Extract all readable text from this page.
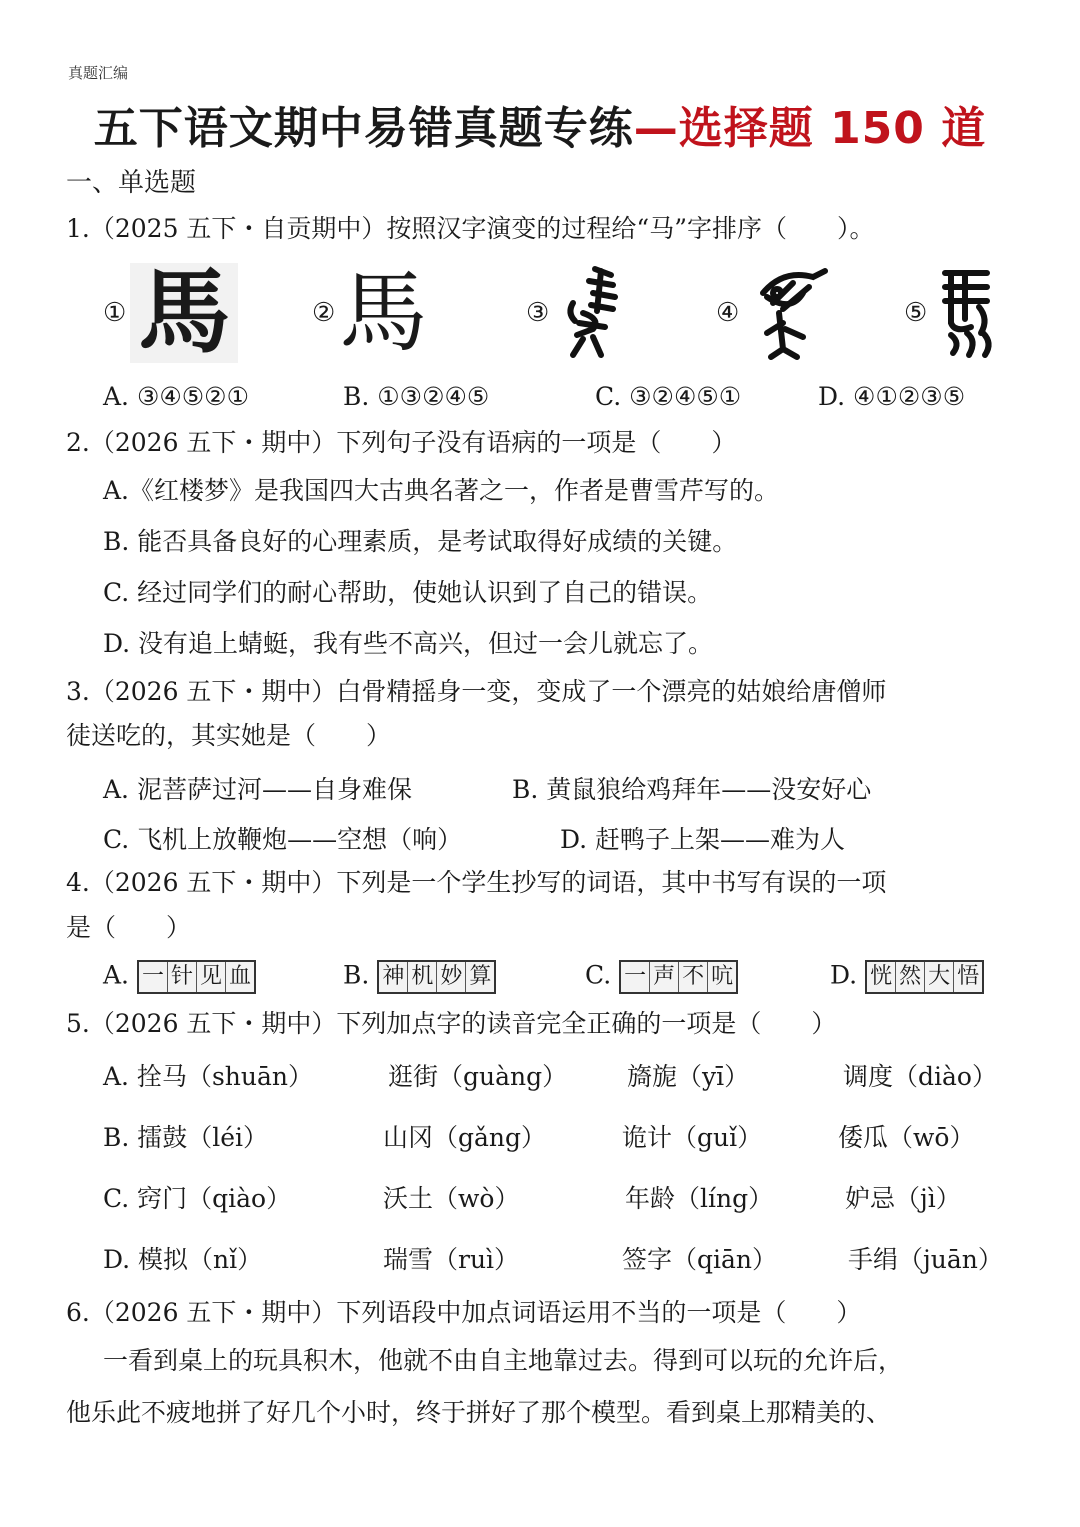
真题汇编
五下语文期中易错真题专练—选择题 150 道
一、单选题
1.（2025 五下・自贡期中）按照汉字演变的过程给“马”字排序（　　）。
① 馬	② 馬	③	④	⑤
A. ③④⑤②①	B. ①③②④⑤	C. ③②④⑤①	D. ④①②③⑤
2.（2026 五下・期中）下列句子没有语病的一项是（　　）
A.《红楼梦》是我国四大古典名著之一，作者是曹雪芹写的。
B. 能否具备良好的心理素质，是考试取得好成绩的关键。
C. 经过同学们的耐心帮助，使她认识到了自己的错误。
D. 没有追上蜻蜓，我有些不高兴，但过一会儿就忘了。
3.（2026 五下・期中）白骨精摇身一变，变成了一个漂亮的姑娘给唐僧师
徒送吃的，其实她是（　　）
A. 泥菩萨过河——自身难保	B. 黄鼠狼给鸡拜年——没安好心
C. 飞机上放鞭炮——空想（响）	D. 赶鸭子上架——难为人
4.（2026 五下・期中）下列是一个学生抄写的词语，其中书写有误的一项
是（　　）
A. 一 针 见 血	B. 神 机 妙 算	C. 一 声 不 吭	D. 恍 然 大 悟
5.（2026 五下・期中）下列加点字的读音完全正确的一项是（　　）
A. 拴马（shuān）	逛街（guàng） 旖旎（yī）	调度（diào）
B. 擂鼓（léi）	山冈（gǎng）	诡计（guǐ）	倭瓜（wō）
C. 窍门（qiào）	沃土（wò）	年龄（líng）	妒忌（jì）
D. 模拟（nǐ）	瑞雪（ruì）	签字（qiān）	手绢（juān）
6.（2026 五下・期中）下列语段中加点词语运用不当的一项是（　　）
一看到桌上的玩具积木，他就不由自主地靠过去。得到可以玩的允许后，
他乐此不疲地拼了好几个小时，终于拼好了那个模型。看到桌上那精美的、
